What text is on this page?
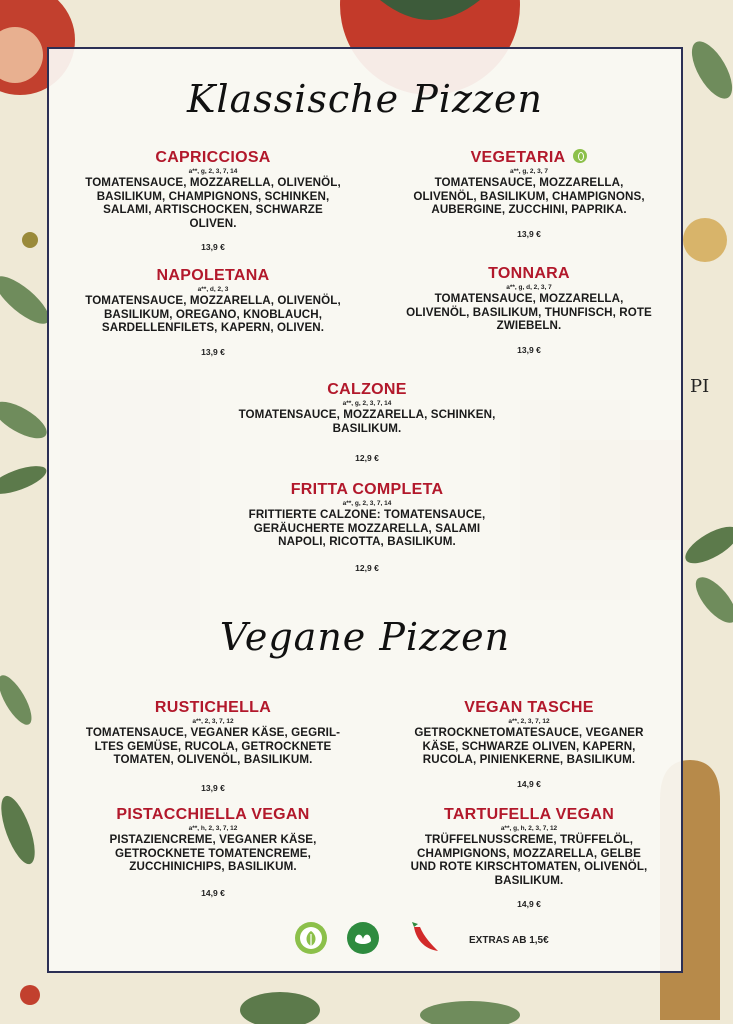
PI
Klassische Pizzen
CAPRICCIOSA
a**, g, 2, 3, 7, 14
TOMATENSAUCE, MOZZARELLA, OLIVENÖL,
BASILIKUM, CHAMPIGNONS, SCHINKEN,
SALAMI, ARTISCHOCKEN, SCHWARZE
OLIVEN.
13,9 €
VEGETARIA
a**, g, 2, 3, 7
TOMATENSAUCE, MOZZARELLA,
OLIVENÖL, BASILIKUM, CHAMPIGNONS,
AUBERGINE, ZUCCHINI, PAPRIKA.
13,9 €
NAPOLETANA
a**, d, 2, 3
TOMATENSAUCE, MOZZARELLA, OLIVENÖL,
BASILIKUM, OREGANO, KNOBLAUCH,
SARDELLENFILETS, KAPERN, OLIVEN.
13,9 €
TONNARA
a**, g, d, 2, 3, 7
TOMATENSAUCE, MOZZARELLA,
OLIVENÖL, BASILIKUM, THUNFISCH, ROTE
ZWIEBELN.
13,9 €
CALZONE
a**, g, 2, 3, 7, 14
TOMATENSAUCE, MOZZARELLA, SCHINKEN,
BASILIKUM.
12,9 €
FRITTA COMPLETA
a**, g, 2, 3, 7, 14
FRITTIERTE CALZONE: TOMATENSAUCE,
GERÄUCHERTE MOZZARELLA, SALAMI
NAPOLI, RICOTTA, BASILIKUM.
12,9 €
Vegane Pizzen
RUSTICHELLA
a**, 2, 3, 7, 12
TOMATENSAUCE, VEGANER KÄSE, GEGRIL-
LTES GEMÜSE, RUCOLA, GETROCKNETE
TOMATEN, OLIVENÖL, BASILIKUM.
13,9 €
VEGAN TASCHE
a**, 2, 3, 7, 12
GETROCKNETOMATESAUCE, VEGANER
KÄSE, SCHWARZE OLIVEN, KAPERN,
RUCOLA, PINIENKERNE, BASILIKUM.
14,9 €
PISTACCHIELLA VEGAN
a**, h, 2, 3, 7, 12
PISTAZIENCREME, VEGANER KÄSE,
GETROCKNETE TOMATENCREME,
ZUCCHINICHIPS, BASILIKUM.
14,9 €
TARTUFELLA VEGAN
a**, g, h, 2, 3, 7, 12
TRÜFFELNUSSCREME, TRÜFFELÖL,
CHAMPIGNONS, MOZZARELLA, GELBE
UND ROTE KIRSCHTOMATEN, OLIVENÖL,
BASILIKUM.
14,9 €
EXTRAS AB 1,5€
